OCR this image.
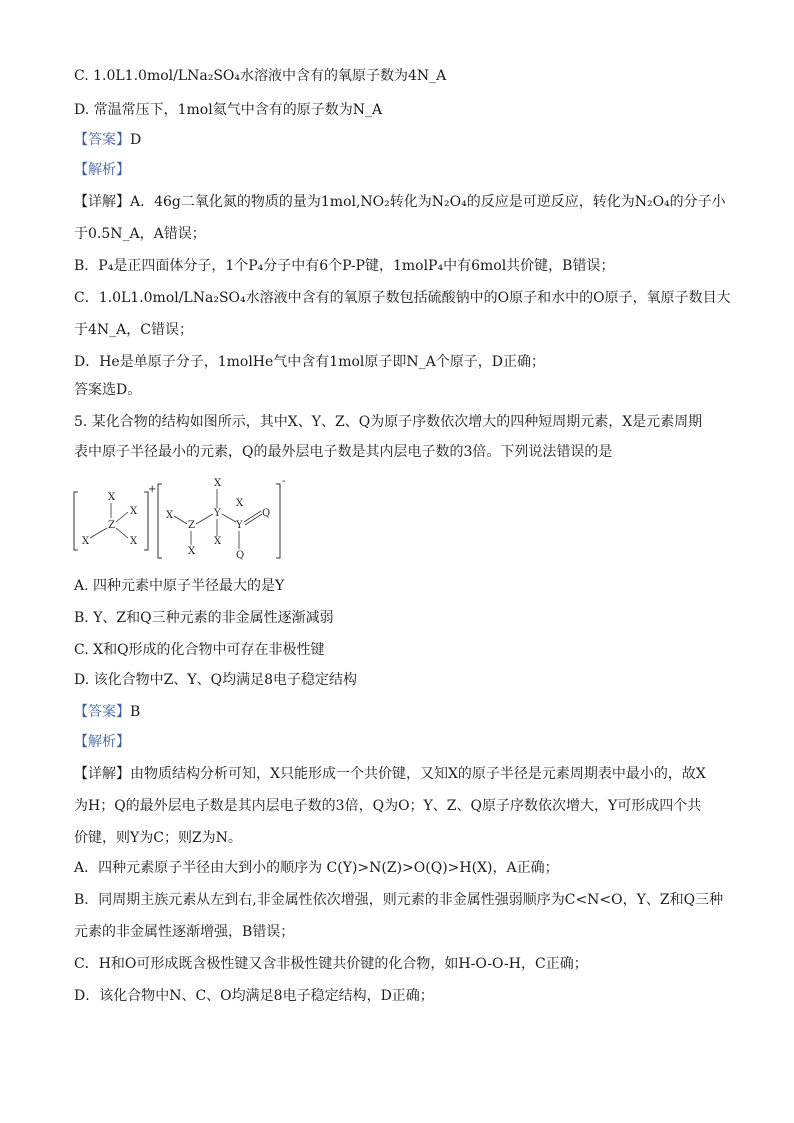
C. 1.0L1.0mol/LNa₂SO₄水溶液中含有的氧原子数为4N_A
D. 常温常压下，1mol氦气中含有的原子数为N_A
【答案】D
【解析】
【详解】A．46g二氧化氮的物质的量为1mol,NO₂转化为N₂O₄的反应是可逆反应，转化为N₂O₄的分子小
于0.5N_A，A错误；
B．P₄是正四面体分子，1个P₄分子中有6个P-P键，1molP₄中有6mol共价键，B错误；
C．1.0L1.0mol/LNa₂SO₄水溶液中含有的氧原子数包括硫酸钠中的O原子和水中的O原子，氧原子数目大
于4N_A，C错误；
D．He是单原子分子，1molHe气中含有1mol原子即N_A个原子，D正确；
答案选D。
5. 某化合物的结构如图所示，其中X、Y、Z、Q为原子序数依次增大的四种短周期元素，X是元素周期
表中原子半径最小的元素，Q的最外层电子数是其内层电子数的3倍。下列说法错误的是
+
X
X
X
X
Z
-
X
X
Y
X
X
Z
X
Y
Q
Q
A. 四种元素中原子半径最大的是Y
B. Y、Z和Q三种元素的非金属性逐渐减弱
C. X和Q形成的化合物中可存在非极性键
D. 该化合物中Z、Y、Q均满足8电子稳定结构
【答案】B
【解析】
【详解】由物质结构分析可知，X只能形成一个共价键，又知X的原子半径是元素周期表中最小的，故X
为H；Q的最外层电子数是其内层电子数的3倍，Q为O；Y、Z、Q原子序数依次增大，Y可形成四个共
价键，则Y为C；则Z为N。
A．四种元素原子半径由大到小的顺序为 C(Y)>N(Z)>O(Q)>H(X)，A正确；
B．同周期主族元素从左到右,非金属性依次增强，则元素的非金属性强弱顺序为C<N<O，Y、Z和Q三种
元素的非金属性逐渐增强，B错误；
C．H和O可形成既含极性键又含非极性键共价键的化合物，如H-O-O-H，C正确；
D．该化合物中N、C、O均满足8电子稳定结构，D正确；
